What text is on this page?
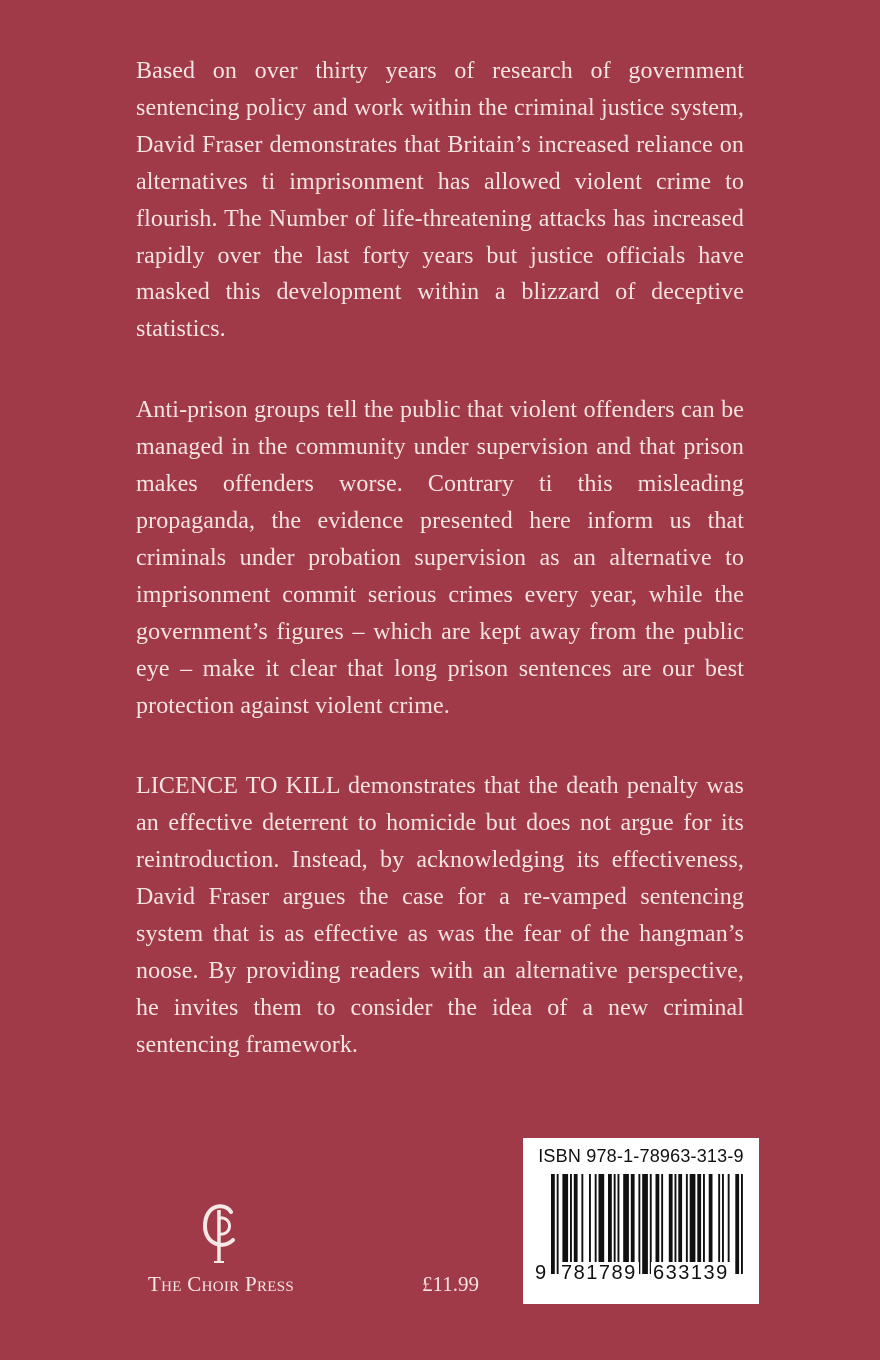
Based on over thirty years of research of government sentencing policy and work within the criminal justice system, David Fraser demonstrates that Britain’s increased reliance on alternatives ti imprisonment has allowed violent crime to flourish. The Number of life-threatening attacks has increased rapidly over the last forty years but justice officials have masked this development within a blizzard of deceptive statistics.

Anti-prison groups tell the public that violent offenders can be managed in the community under supervision and that prison makes offenders worse. Contrary ti this misleading propaganda, the evidence presented here inform us that criminals under probation supervision as an alternative to imprisonment commit serious crimes every year, while the government’s figures – which are kept away from the public eye – make it clear that long prison sentences are our best protection against violent crime.

LICENCE TO KILL demonstrates that the death penalty was an effective deterrent to homicide but does not argue for its reintroduction. Instead, by acknowledging its effectiveness, David Fraser argues the case for a re-vamped sentencing system that is as effective as was the fear of the hangman’s noose. By providing readers with an alternative perspective, he invites them to consider the idea of a new criminal sentencing framework.

The Choir Press	£11.99
ISBN 978-1-78963-313-9
9 781789 633139
